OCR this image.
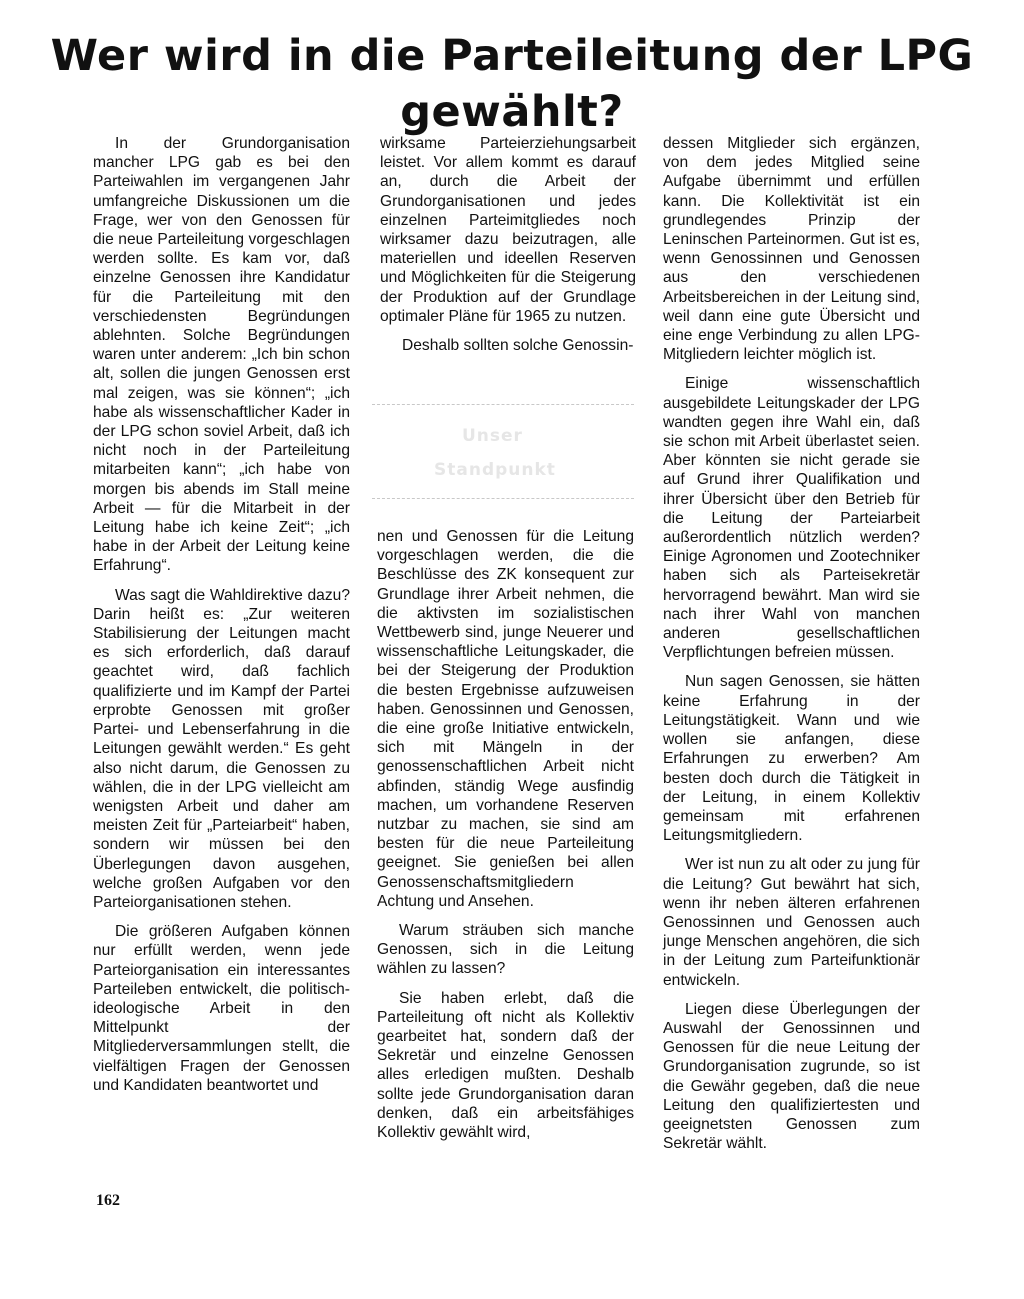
Wer wird in die Parteileitung der LPG gewählt?

In der Grundorganisation mancher LPG gab es bei den Parteiwahlen im vergangenen Jahr umfangreiche Diskussionen um die Frage, wer von den Genossen für die neue Parteileitung vorgeschlagen werden sollte. Es kam vor, daß einzelne Genossen ihre Kandidatur für die Parteileitung mit den verschiedensten Begründungen ablehnten. Solche Begründungen waren unter anderem: „Ich bin schon alt, sollen die jungen Genossen erst mal zeigen, was sie können“; „ich habe als wissenschaftlicher Kader in der LPG schon soviel Arbeit, daß ich nicht noch in der Parteileitung mitarbeiten kann“; „ich habe von morgen bis abends im Stall meine Arbeit — für die Mitarbeit in der Leitung habe ich keine Zeit“; „ich habe in der Arbeit der Leitung keine Erfahrung“.

Was sagt die Wahldirektive dazu? Darin heißt es: „Zur weiteren Stabilisierung der Leitungen macht es sich erforderlich, daß darauf geachtet wird, daß fachlich qualifizierte und im Kampf der Partei erprobte Genossen mit großer Partei- und Lebenserfahrung in die Leitungen gewählt werden.“ Es geht also nicht darum, die Genossen zu wählen, die in der LPG vielleicht am wenigsten Arbeit und daher am meisten Zeit für „Parteiarbeit“ haben, sondern wir müssen bei den Überlegungen davon ausgehen, welche großen Aufgaben vor den Parteiorganisationen stehen.

Die größeren Aufgaben können nur erfüllt werden, wenn jede Parteiorganisation ein interessantes Parteileben entwickelt, die politisch-ideologische Arbeit in den Mittelpunkt der Mitgliederversammlungen stellt, die vielfältigen Fragen der Genossen und Kandidaten beantwortet und

wirksame Parteierziehungsarbeit leistet. Vor allem kommt es darauf an, durch die Arbeit der Grundorganisationen und jedes einzelnen Parteimitgliedes noch wirksamer dazu beizutragen, alle materiellen und ideellen Reserven und Möglichkeiten für die Steigerung der Produktion auf der Grundlage optimaler Pläne für 1965 zu nutzen.

Deshalb sollten solche Genossin-

Unser
Standpunkt

nen und Genossen für die Leitung vorgeschlagen werden, die die Beschlüsse des ZK konsequent zur Grundlage ihrer Arbeit nehmen, die die aktivsten im sozialistischen Wettbewerb sind, junge Neuerer und wissenschaftliche Leitungskader, die bei der Steigerung der Produktion die besten Ergebnisse aufzuweisen haben. Genossinnen und Genossen, die eine große Initiative entwickeln, sich mit Mängeln in der genossenschaftlichen Arbeit nicht abfinden, ständig Wege ausfindig machen, um vorhandene Reserven nutzbar zu machen, sie sind am besten für die neue Parteileitung geeignet. Sie genießen bei allen Genossenschaftsmitgliedern Achtung und Ansehen.

Warum sträuben sich manche Genossen, sich in die Leitung wählen zu lassen?

Sie haben erlebt, daß die Parteileitung oft nicht als Kollektiv gearbeitet hat, sondern daß der Sekretär und einzelne Genossen alles erledigen mußten. Deshalb sollte jede Grundorganisation daran denken, daß ein arbeitsfähiges Kollektiv gewählt wird,

dessen Mitglieder sich ergänzen, von dem jedes Mitglied seine Aufgabe übernimmt und erfüllen kann. Die Kollektivität ist ein grundlegendes Prinzip der Leninschen Parteinormen. Gut ist es, wenn Genossinnen und Genossen aus den verschiedenen Arbeitsbereichen in der Leitung sind, weil dann eine gute Übersicht und eine enge Verbindung zu allen LPG-Mitgliedern leichter möglich ist.

Einige wissenschaftlich ausgebildete Leitungskader der LPG wandten gegen ihre Wahl ein, daß sie schon mit Arbeit überlastet seien. Aber könnten sie nicht gerade sie auf Grund ihrer Qualifikation und ihrer Übersicht über den Betrieb für die Leitung der Parteiarbeit außerordentlich nützlich werden? Einige Agronomen und Zootechniker haben sich als Parteisekretär hervorragend bewährt. Man wird sie nach ihrer Wahl von manchen anderen gesellschaftlichen Verpflichtungen befreien müssen.

Nun sagen Genossen, sie hätten keine Erfahrung in der Leitungstätigkeit. Wann und wie wollen sie anfangen, diese Erfahrungen zu erwerben? Am besten doch durch die Tätigkeit in der Leitung, in einem Kollektiv gemeinsam mit erfahrenen Leitungsmitgliedern.

Wer ist nun zu alt oder zu jung für die Leitung? Gut bewährt hat sich, wenn ihr neben älteren erfahrenen Genossinnen und Genossen auch junge Menschen angehören, die sich in der Leitung zum Parteifunktionär entwickeln.

Liegen diese Überlegungen der Auswahl der Genossinnen und Genossen für die neue Leitung der Grundorganisation zugrunde, so ist die Gewähr gegeben, daß die neue Leitung den qualifiziertesten und geeignetsten Genossen zum Sekretär wählt.

162
